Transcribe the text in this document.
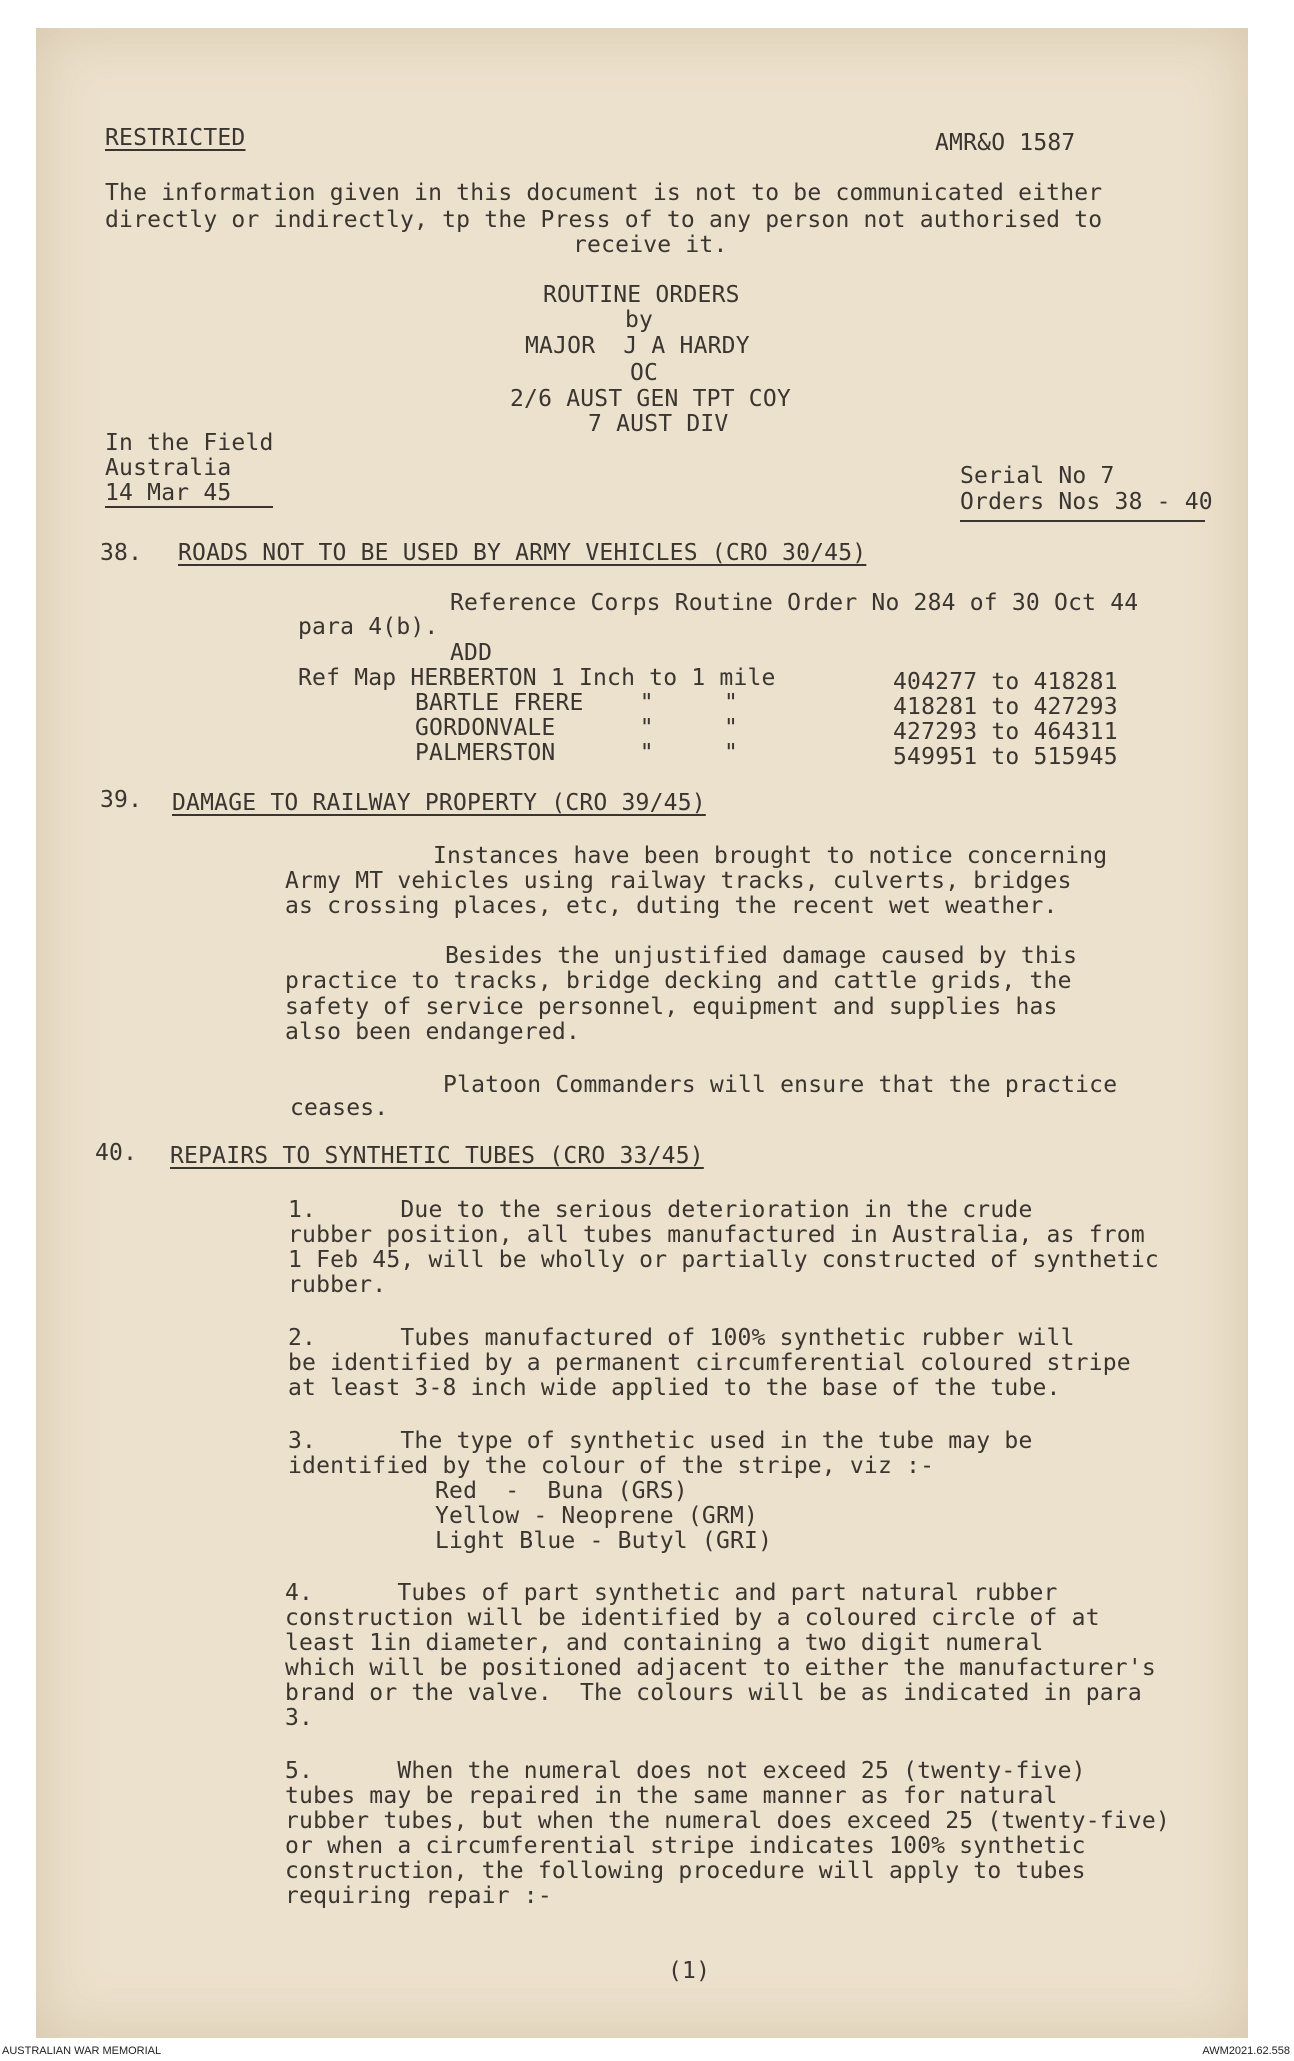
RESTRICTED	AMR&O 1587
The information given in this document is not to be communicated either
directly or indirectly, tp the Press of to any person not authorised to
receive it.
ROUTINE ORDERS
by
MAJOR  J A HARDY
OC
2/6 AUST GEN TPT COY
7 AUST DIV
In the Field
Australia
14 Mar 45
Serial No 7
Orders Nos 38 - 40
38. ROADS NOT TO BE USED BY ARMY VEHICLES (CRO 30/45)
Reference Corps Routine Order No 284 of 30 Oct 44
para 4(b).
ADD
Ref Map HERBERTON 1 Inch to 1 mile	404277 to 418281
BARTLE FRERE    "     "	418281 to 427293
GORDONVALE      "     "	427293 to 464311
PALMERSTON      "     "	549951 to 515945
39. DAMAGE TO RAILWAY PROPERTY (CRO 39/45)
Instances have been brought to notice concerning
Army MT vehicles using railway tracks, culverts, bridges
as crossing places, etc, duting the recent wet weather.
Besides the unjustified damage caused by this
practice to tracks, bridge decking and cattle grids, the
safety of service personnel, equipment and supplies has
also been endangered.
Platoon Commanders will ensure that the practice
ceases.
40. REPAIRS TO SYNTHETIC TUBES (CRO 33/45)
1.      Due to the serious deterioration in the crude
rubber position, all tubes manufactured in Australia, as from
1 Feb 45, will be wholly or partially constructed of synthetic
rubber.
2.      Tubes manufactured of 100% synthetic rubber will
be identified by a permanent circumferential coloured stripe
at least 3-8 inch wide applied to the base of the tube.
3.      The type of synthetic used in the tube may be
identified by the colour of the stripe, viz :-
Red  -  Buna (GRS)
Yellow - Neoprene (GRM)
Light Blue - Butyl (GRI)
4.      Tubes of part synthetic and part natural rubber
construction will be identified by a coloured circle of at
least 1in diameter, and containing a two digit numeral
which will be positioned adjacent to either the manufacturer's
brand or the valve.  The colours will be as indicated in para
3.
5.      When the numeral does not exceed 25 (twenty-five)
tubes may be repaired in the same manner as for natural
rubber tubes, but when the numeral does exceed 25 (twenty-five)
or when a circumferential stripe indicates 100% synthetic
construction, the following procedure will apply to tubes
requiring repair :-
(1)
AUSTRALIAN WAR MEMORIAL	AWM2021.62.558
